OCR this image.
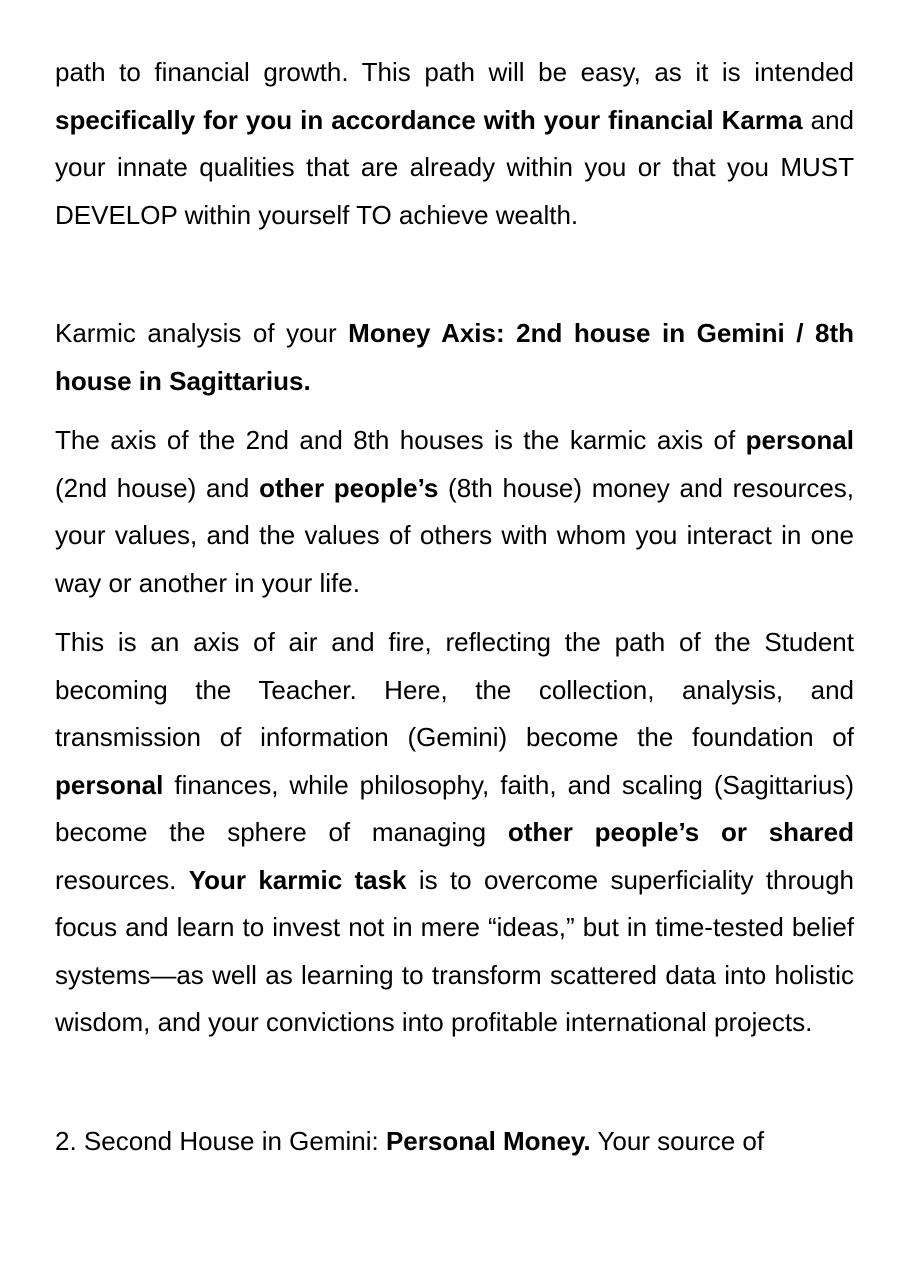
path to financial growth. This path will be easy, as it is intended specifically for you in accordance with your financial Karma and your innate qualities that are already within you or that you MUST DEVELOP within yourself TO achieve wealth.

Karmic analysis of your Money Axis: 2nd house in Gemini / 8th house in Sagittarius.

The axis of the 2nd and 8th houses is the karmic axis of personal (2nd house) and other people’s (8th house) money and resources, your values, and the values of others with whom you interact in one way or another in your life.

This is an axis of air and fire, reflecting the path of the Student becoming the Teacher. Here, the collection, analysis, and transmission of information (Gemini) become the foundation of personal finances, while philosophy, faith, and scaling (Sagittarius) become the sphere of managing other people’s or shared resources. Your karmic task is to overcome superficiality through focus and learn to invest not in mere “ideas,” but in time-tested belief systems—as well as learning to transform scattered data into holistic wisdom, and your convictions into profitable international projects.

2. Second House in Gemini: Personal Money. Your source of
